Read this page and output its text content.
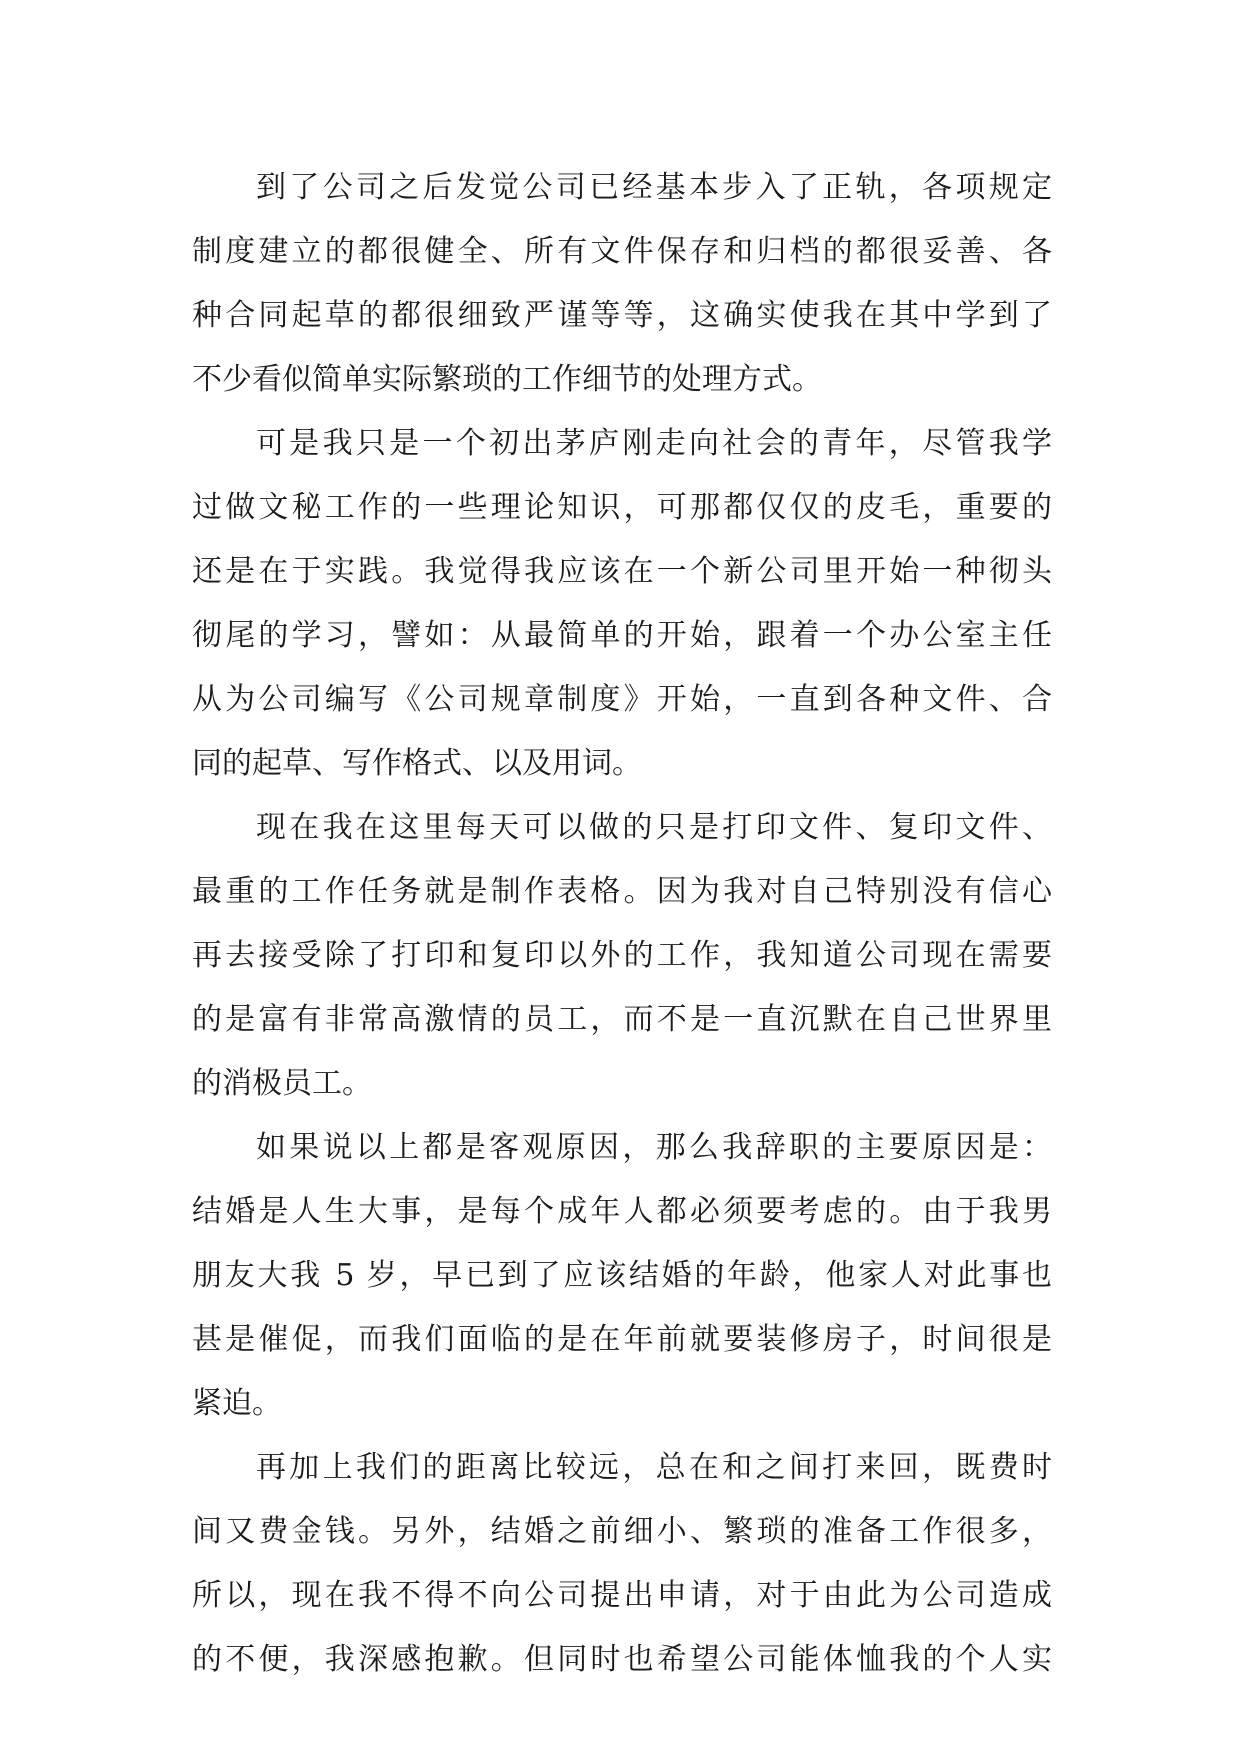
到了公司之后发觉公司已经基本步入了正轨，各项规定
制度建立的都很健全、所有文件保存和归档的都很妥善、各
种合同起草的都很细致严谨等等，这确实使我在其中学到了
不少看似简单实际繁琐的工作细节的处理方式。
可是我只是一个初出茅庐刚走向社会的青年，尽管我学
过做文秘工作的一些理论知识，可那都仅仅的皮毛，重要的
还是在于实践。我觉得我应该在一个新公司里开始一种彻头
彻尾的学习，譬如：从最简单的开始，跟着一个办公室主任
从为公司编写《公司规章制度》开始，一直到各种文件、合
同的起草、写作格式、以及用词。
现在我在这里每天可以做的只是打印文件、复印文件、
最重的工作任务就是制作表格。因为我对自己特别没有信心
再去接受除了打印和复印以外的工作，我知道公司现在需要
的是富有非常高激情的员工，而不是一直沉默在自己世界里
的消极员工。
如果说以上都是客观原因，那么我辞职的主要原因是：
结婚是人生大事，是每个成年人都必须要考虑的。由于我男
朋友大我 5 岁，早已到了应该结婚的年龄，他家人对此事也
甚是催促，而我们面临的是在年前就要装修房子，时间很是
紧迫。
再加上我们的距离比较远，总在和之间打来回，既费时
间又费金钱。另外，结婚之前细小、繁琐的准备工作很多，
所以，现在我不得不向公司提出申请，对于由此为公司造成
的不便，我深感抱歉。但同时也希望公司能体恤我的个人实
